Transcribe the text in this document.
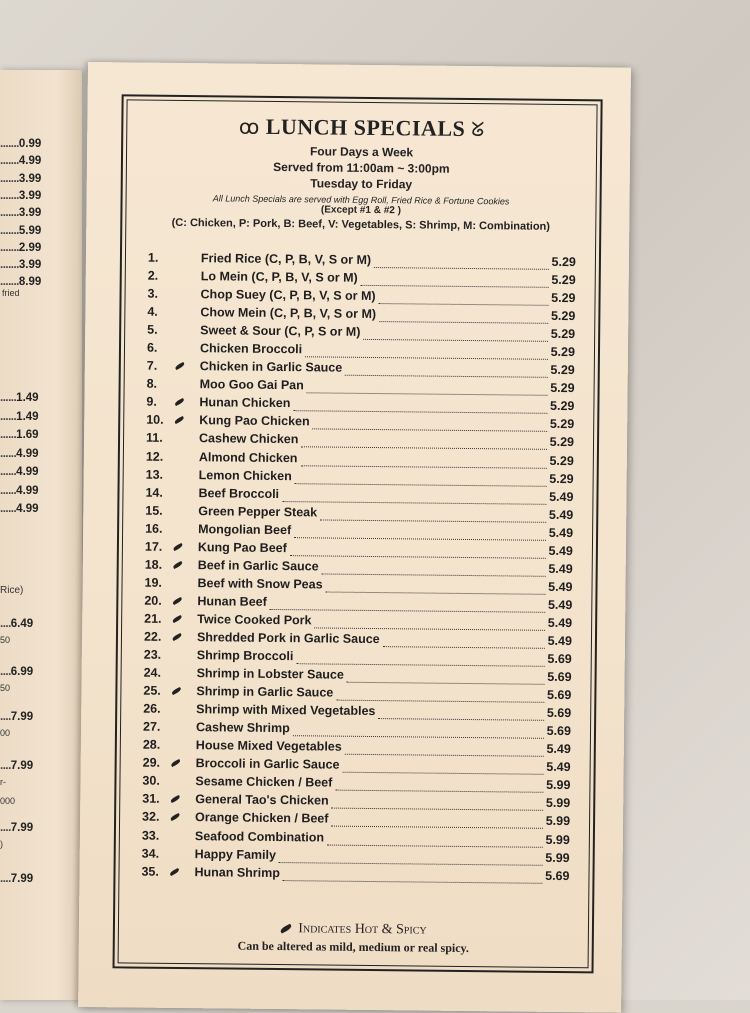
.......0.99
.......4.99
.......3.99
.......3.99
.......3.99
.......5.99
.......2.99
.......3.99
.......8.99
fried
......1.49
......1.49
......1.69
......4.99
......4.99
......4.99
......4.99
Rice)
....6.49
50
....6.99
50
....7.99
00
....7.99
r-
....7.99
)
....7.99
000
ꝏ LUNCH SPECIALS ᘜ
Four Days a Week
Served from 11:00am ~ 3:00pm
Tuesday to Friday
All Lunch Specials are served with Egg Roll, Fried Rice & Fortune Cookies
(Except #1 & #2 )
(C: Chicken, P: Pork, B: Beef, V: Vegetables, S: Shrimp, M: Combination)
1.	Fried Rice (C, P, B, V, S or M)	5.29
2.	Lo Mein (C, P, B, V, S or M)	5.29
3.	Chop Suey (C, P, B, V, S or M)	5.29
4.	Chow Mein (C, P, B, V, S or M)	5.29
5.	Sweet & Sour (C, P, S or M)	5.29
6.	Chicken Broccoli	5.29
7.	Chicken in Garlic Sauce	5.29
8.	Moo Goo Gai Pan	5.29
9.	Hunan Chicken	5.29
10.	Kung Pao Chicken	5.29
11.	Cashew Chicken	5.29
12.	Almond Chicken	5.29
13.	Lemon Chicken	5.29
14.	Beef Broccoli	5.49
15.	Green Pepper Steak	5.49
16.	Mongolian Beef	5.49
17.	Kung Pao Beef	5.49
18.	Beef in Garlic Sauce	5.49
19.	Beef with Snow Peas	5.49
20.	Hunan Beef	5.49
21.	Twice Cooked Pork	5.49
22.	Shredded Pork in Garlic Sauce	5.49
23.	Shrimp Broccoli	5.69
24.	Shrimp in Lobster Sauce	5.69
25.	Shrimp in Garlic Sauce	5.69
26.	Shrimp with Mixed Vegetables	5.69
27.	Cashew Shrimp	5.69
28.	House Mixed Vegetables	5.49
29.	Broccoli in Garlic Sauce	5.49
30.	Sesame Chicken / Beef	5.99
31.	General Tao's Chicken	5.99
32.	Orange Chicken / Beef	5.99
33.	Seafood Combination	5.99
34.	Happy Family	5.99
35.	Hunan Shrimp	5.69
Indicates Hot & Spicy
Can be altered as mild, medium or real spicy.
